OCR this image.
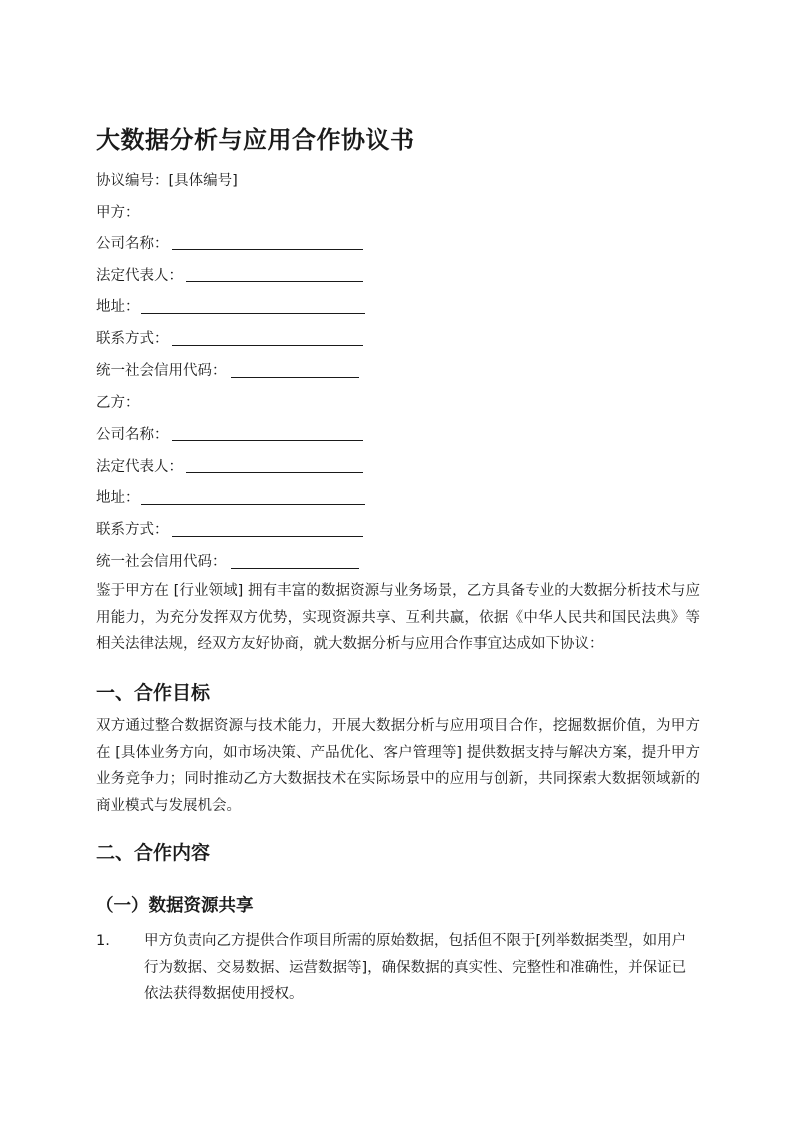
大数据分析与应用合作协议书
协议编号：[具体编号]
甲方：
公司名称：
法定代表人：
地址：
联系方式：
统一社会信用代码：
乙方：
公司名称：
法定代表人：
地址：
联系方式：
统一社会信用代码：

鉴于甲方在 [行业领域] 拥有丰富的数据资源与业务场景，乙方具备专业的大数据分析技术与应用能力，为充分发挥双方优势，实现资源共享、互利共赢，依据《中华人民共和国民法典》等相关法律法规，经双方友好协商，就大数据分析与应用合作事宜达成如下协议：

一、合作目标

双方通过整合数据资源与技术能力，开展大数据分析与应用项目合作，挖掘数据价值，为甲方在 [具体业务方向，如市场决策、产品优化、客户管理等] 提供数据支持与解决方案，提升甲方业务竞争力；同时推动乙方大数据技术在实际场景中的应用与创新，共同探索大数据领域新的商业模式与发展机会。

二、合作内容
（一）数据资源共享
1. 甲方负责向乙方提供合作项目所需的原始数据，包括但不限于[列举数据类型，如用户行为数据、交易数据、运营数据等]，确保数据的真实性、完整性和准确性，并保证已依法获得数据使用授权。
